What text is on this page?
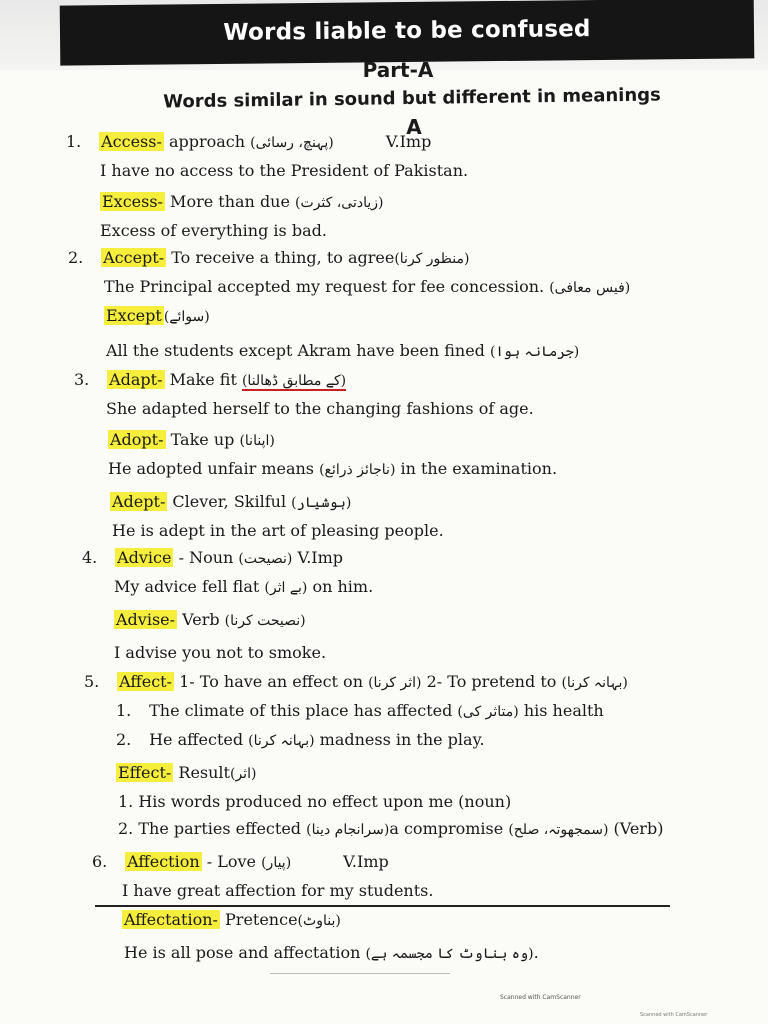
Words liable to be confused

Part-A

Words similar in sound but different in meanings

A

1. Access- approach (پہنچ، رسائی)	V.Imp
I have no access to the President of Pakistan.
Excess- More than due (زیادتی، کثرت)
Excess of everything is bad.
2. Accept- To receive a thing, to agree(منظور کرنا)
The Principal accepted my request for fee concession. (فیس معافی)
Except (سوائے)
All the students except Akram have been fined (جرمانہ ہوا)
3. Adapt- Make fit (کے مطابق ڈھالنا)
She adapted herself to the changing fashions of age.
Adopt- Take up (اپنانا)
He adopted unfair means (ناجائز ذرائع) in the examination.
Adept- Clever, Skilful (ہوشیار)
He is adept in the art of pleasing people.
4. Advice - Noun (نصیحت) V.Imp
My advice fell flat (بے اثر) on him.
Advise- Verb (نصیحت کرنا)
I advise you not to smoke.
5. Affect- 1- To have an effect on (اثر کرنا) 2- To pretend to (بہانہ کرنا)
1. The climate of this place has affected (متاثر کی) his health
2. He affected (بہانہ کرنا) madness in the play.
Effect- Result(اثر)
1. His words produced no effect upon me (noun)
2. The parties effected (سرانجام دینا)a compromise (سمجھوتہ، صلح) (Verb)
6. Affection - Love (پیار)	V.Imp
I have great affection for my students.
Affectation- Pretence(بناوٹ)
He is all pose and affectation (وہ بناوٹ کا مجسمہ ہے).
Scanned with CamScanner
Scanned with CamScanner
